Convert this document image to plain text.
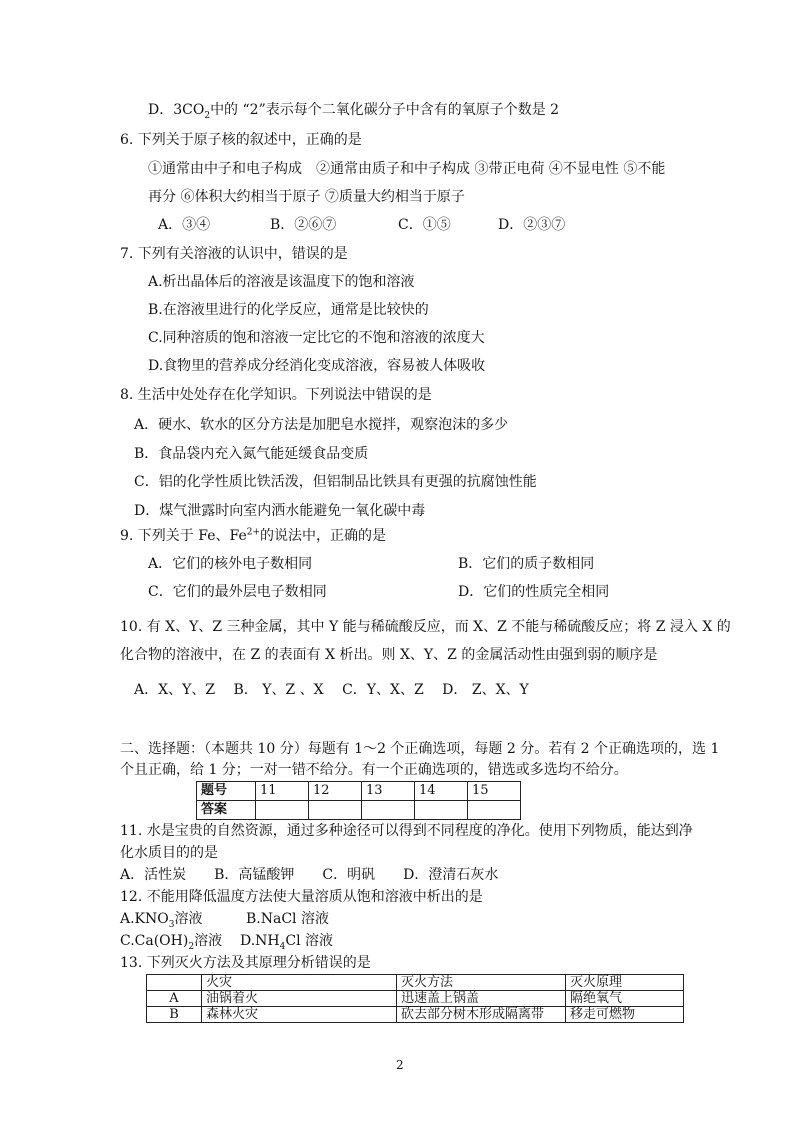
D．$3CO_2$中的 “2”表示每个二氧化碳分子中含有的氧原子个数是 2
6. 下列关于原子核的叙述中，正确的是
①通常由中子和电子构成　②通常由质子和中子构成 ③带正电荷 ④不显电性 ⑤不能
再分 ⑥体积大约相当于原子 ⑦质量大约相当于原子
A．③④	B．②⑥⑦	C．①⑤	D．②③⑦
7. 下列有关溶液的认识中，错误的是
A.析出晶体后的溶液是该温度下的饱和溶液
B.在溶液里进行的化学反应，通常是比较快的
C.同种溶质的饱和溶液一定比它的不饱和溶液的浓度大
D.食物里的营养成分经消化变成溶液，容易被人体吸收
8. 生活中处处存在化学知识。下列说法中错误的是
A．硬水、软水的区分方法是加肥皂水搅拌，观察泡沫的多少
B．食品袋内充入氮气能延缓食品变质
C．铝的化学性质比铁活泼，但铝制品比铁具有更强的抗腐蚀性能
D．煤气泄露时向室内洒水能避免一氧化碳中毒
9. 下列关于 Fe、$Fe^{2+}$的说法中，正确的是
A．它们的核外电子数相同	B．它们的质子数相同
C．它们的最外层电子数相同	D．它们的性质完全相同
10. 有 X、Y、Z 三种金属，其中 Y 能与稀硫酸反应，而 X、Z 不能与稀硫酸反应；将 Z 浸入 X 的
化合物的溶液中，在 Z 的表面有 X 析出。则 X、Y、Z 的金属活动性由强到弱的顺序是
A．X、Y、Z　 B． Y、Z 、X　 C．Y、X、Z　 D． Z、X、Y
二、选择题：（本题共 10 分）每题有 1～2 个正确选项，每题 2 分。若有 2 个正确选项的，选 1
个且正确，给 1 分；一对一错不给分。有一个正确选项的，错选或多选均不给分。
题号	11	12	13	14	15
答案					
11. 水是宝贵的自然资源，通过多种途径可以得到不同程度的净化。使用下列物质，能达到净
化水质目的的是
A．活性炭　　B．高锰酸钾　　C．明矾　　D．澄清石灰水
12. 不能用降低温度方法使大量溶质从饱和溶液中析出的是
$A.KNO_3$溶液	B.NaCl 溶液
$C.Ca(OH)_2$溶液 $D.NH_4Cl$ 溶液
13. 下列灭火方法及其原理分析错误的是
	火灾	灭火方法	灭火原理
A	油锅着火	迅速盖上锅盖	隔绝氧气
B	森林火灾	砍去部分树木形成隔离带	移走可燃物
2
